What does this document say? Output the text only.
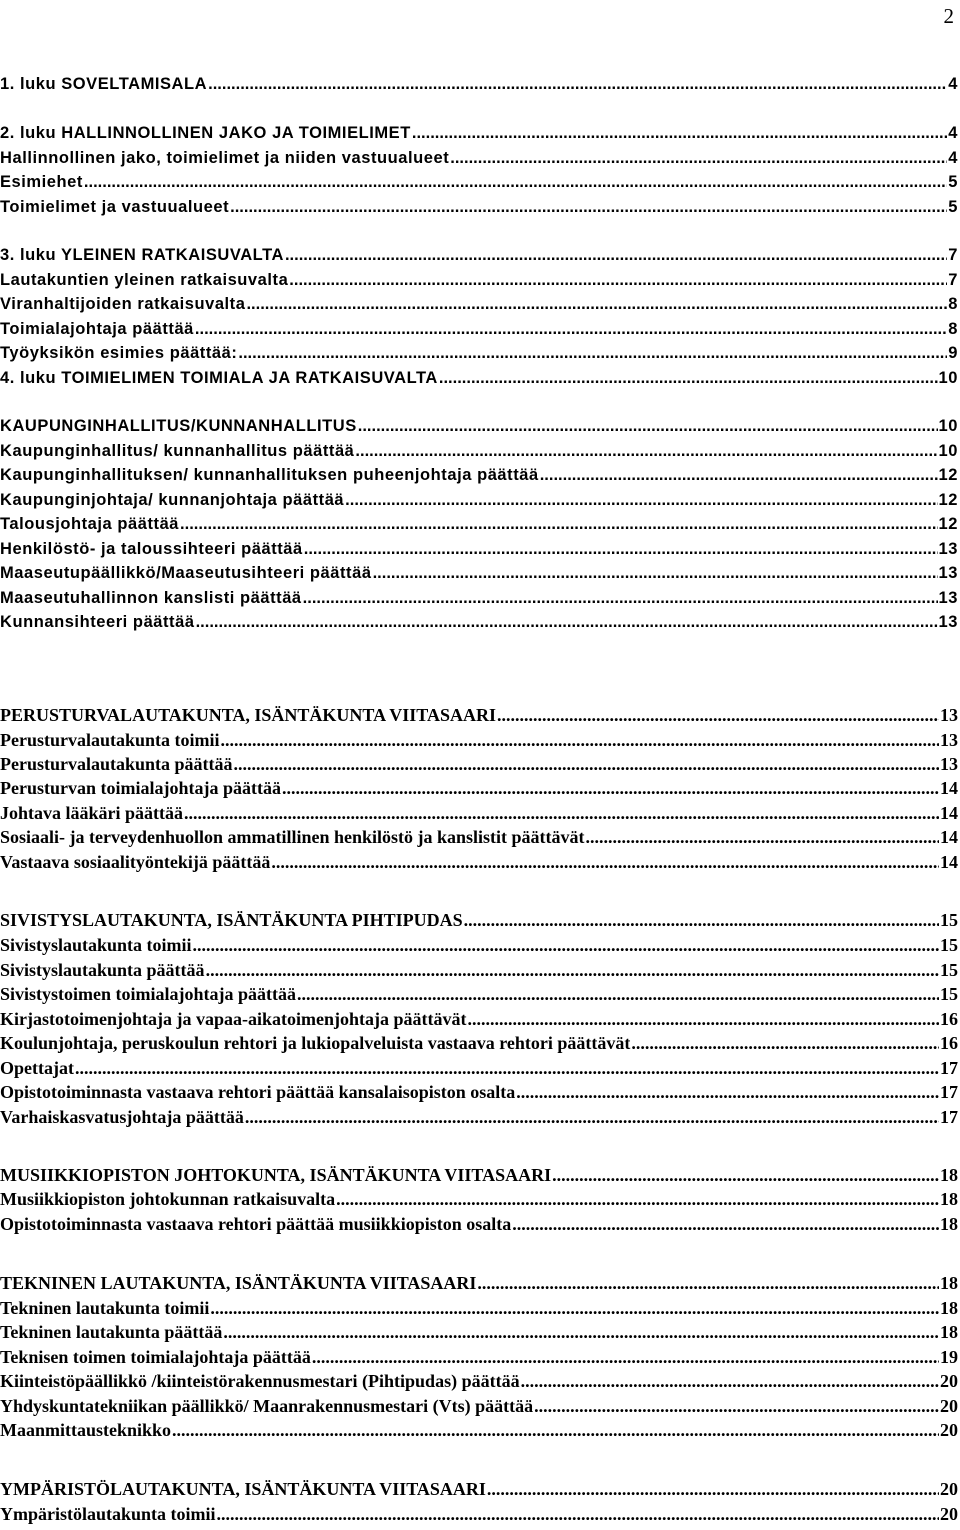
2
1. luku SOVELTAMISALA .....	4
2. luku HALLINNOLLINEN JAKO JA TOIMIELIMET .....	4
Hallinnollinen jako, toimielimet ja niiden vastuualueet .....	4
Esimiehet .....	5
Toimielimet ja vastuualueet .....	5
3. luku YLEINEN RATKAISUVALTA .....	7
Lautakuntien yleinen ratkaisuvalta .....	7
Viranhaltijoiden ratkaisuvalta .....	8
Toimialajohtaja päättää .....	8
Työyksikön esimies päättää: .....	9
4. luku TOIMIELIMEN TOIMIALA JA RATKAISUVALTA .....	10
KAUPUNGINHALLITUS/KUNNANHALLITUS .....	10
Kaupunginhallitus/ kunnanhallitus päättää .....	10
Kaupunginhallituksen/ kunnanhallituksen puheenjohtaja päättää .....	12
Kaupunginjohtaja/ kunnanjohtaja päättää .....	12
Talousjohtaja päättää .....	12
Henkilöstö- ja taloussihteeri päättää .....	13
Maaseutupäällikkö/Maaseutusihteeri päättää .....	13
Maaseutuhallinnon kanslisti päättää .....	13
Kunnansihteeri päättää .....	13
PERUSTURVALAUTAKUNTA, ISÄNTÄKUNTA VIITASAARI .....	13
Perusturvalautakunta toimii .....	13
Perusturvalautakunta päättää .....	13
Perusturvan toimialajohtaja päättää .....	14
Johtava lääkäri päättää .....	14
Sosiaali- ja terveydenhuollon ammatillinen henkilöstö ja kanslistit päättävät .....	14
Vastaava sosiaalityöntekijä päättää .....	14
SIVISTYSLAUTAKUNTA, ISÄNTÄKUNTA PIHTIPUDAS .....	15
Sivistyslautakunta toimii .....	15
Sivistyslautakunta päättää .....	15
Sivistystoimen toimialajohtaja päättää .....	15
Kirjastotoimenjohtaja ja vapaa-aikatoimenjohtaja päättävät .....	16
Koulunjohtaja, peruskoulun rehtori ja lukiopalveluista vastaava rehtori päättävät .....	16
Opettajat .....	17
Opistotoiminnasta vastaava rehtori päättää kansalaisopiston osalta .....	17
Varhaiskasvatusjohtaja päättää .....	17
MUSIIKKIOPISTON JOHTOKUNTA, ISÄNTÄKUNTA VIITASAARI .....	18
Musiikkiopiston johtokunnan ratkaisuvalta .....	18
Opistotoiminnasta vastaava rehtori päättää musiikkiopiston osalta .....	18
TEKNINEN LAUTAKUNTA, ISÄNTÄKUNTA VIITASAARI .....	18
Tekninen lautakunta toimii .....	18
Tekninen lautakunta päättää .....	18
Teknisen toimen toimialajohtaja päättää .....	19
Kiinteistöpäällikkö /kiinteistörakennusmestari (Pihtipudas) päättää .....	20
Yhdyskuntatekniikan päällikkö/ Maanrakennusmestari (Vts) päättää .....	20
Maanmittausteknikko .....	20
YMPÄRISTÖLAUTAKUNTA, ISÄNTÄKUNTA VIITASAARI .....	20
Ympäristölautakunta toimii .....	20
